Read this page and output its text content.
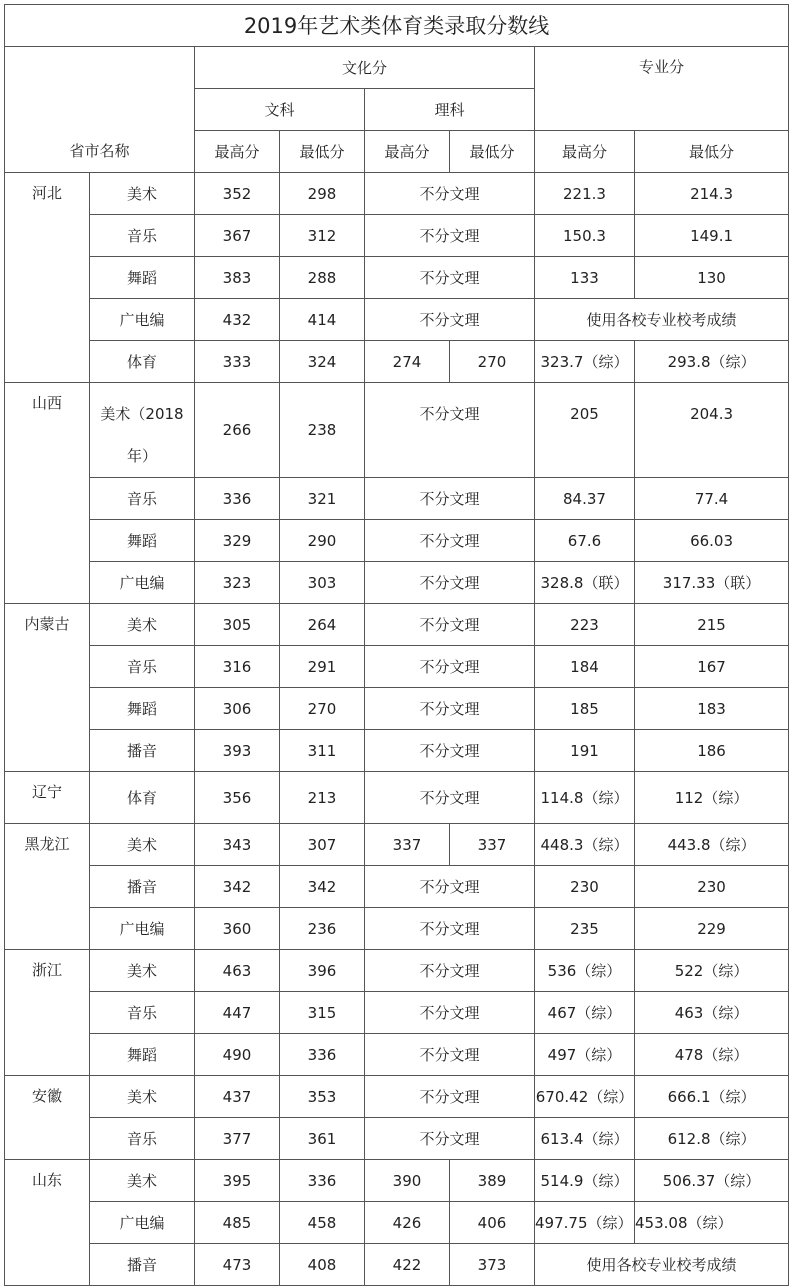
2019年艺术类体育类录取分数线							
省市名称		文化分				专业分	
		文科		理科			
		最高分	最低分	最高分	最低分	最高分	最低分
河北	美术	352	298	不分文理		221.3	214.3
	音乐	367	312	不分文理		150.3	149.1
	舞蹈	383	288	不分文理		133	130
	广电编	432	414	不分文理		使用各校专业校考成绩	
	体育	333	324	274	270	323.7（综）	293.8（综）
山西	美术（2018年）	266	238	不分文理		205	204.3
	音乐	336	321	不分文理		84.37	77.4
	舞蹈	329	290	不分文理		67.6	66.03
	广电编	323	303	不分文理		328.8（联）	317.33（联）
内蒙古	美术	305	264	不分文理		223	215
	音乐	316	291	不分文理		184	167
	舞蹈	306	270	不分文理		185	183
	播音	393	311	不分文理		191	186
辽宁	体育	356	213	不分文理		114.8（综）	112（综）
黑龙江	美术	343	307	337	337	448.3（综）	443.8（综）
	播音	342	342	不分文理		230	230
	广电编	360	236	不分文理		235	229
浙江	美术	463	396	不分文理		536（综）	522（综）
	音乐	447	315	不分文理		467（综）	463（综）
	舞蹈	490	336	不分文理		497（综）	478（综）
安徽	美术	437	353	不分文理		670.42（综）	666.1（综）
	音乐	377	361	不分文理		613.4（综）	612.8（综）
山东	美术	395	336	390	389	514.9（综）	506.37（综）
	广电编	485	458	426	406	497.75（综）	453.08（综）
	播音	473	408	422	373	使用各校专业校考成绩	
